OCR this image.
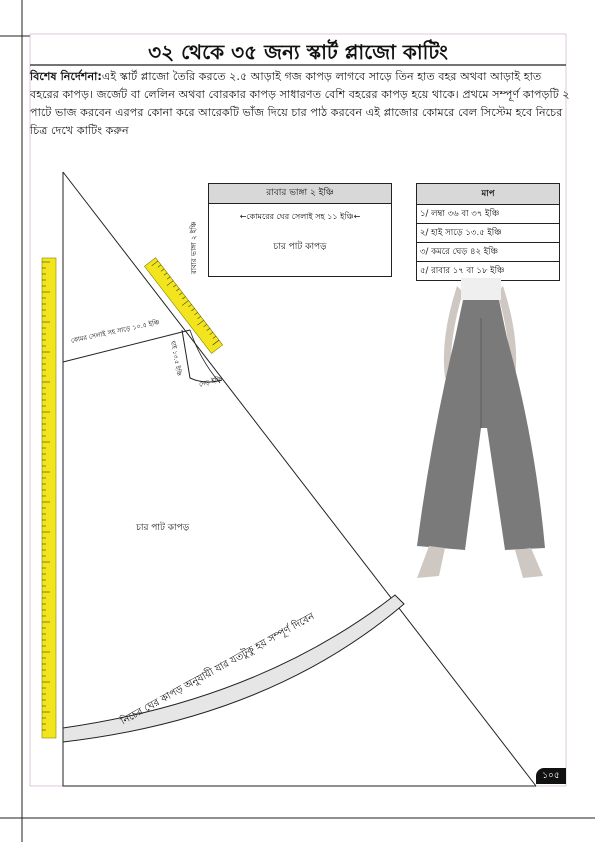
৩২ থেকে ৩৫ জন্য স্কার্ট প্লাজো কাটিং
বিশেষ নির্দেশনা:এই স্কার্ট প্লাজো তৈরি করতে ২.৫ আড়াই গজ কাপড় লাগবে সাড়ে তিন হাত বহর অথবা আড়াই হাত বহরের কাপড়। জর্জেট বা লেলিন অথবা বোরকার কাপড় সাধারণত বেশি বহরের কাপড় হয়ে থাকে। প্রথমে সম্পূর্ণ কাপড়টি ২ পাটে ভাজ করবেন এরপর কোনা করে আরেকটি ভাঁজ দিয়ে চার পাঠ করবেন এই প্লাজোর কোমরে বেল সিস্টেম হবে নিচের চিত্র দেখে কাটিং করুন
কোমর সেলাই সহ সাড়ে ১০.৫ ইঞ্চি
হাই ১৩.৫ ইঞ্চি
দেড় ইঞ্চি
চার পাট কাপড়
নিচের ঘের কাপড় অনুযায়ী যার যতটুকু হয় সম্পূর্ণ দিবেন
রাবার ভাঙ্গা ২ ইঞ্চি
←কোমরের ঘের সেলাই সহ ১১ ইঞ্চি←
চার পাট কাপড়
রাবার ভাঙ্গা ২ ইঞ্চি
মাপ
১/ লম্বা ৩৬ বা ৩৭ ইঞ্চি
২/ হাই সাড়ে ১৩.৫ ইঞ্চি
৩/ কমরে ঘেড় ৪২ ইঞ্চি
৫/ রাবার ১৭ বা ১৮ ইঞ্চি
১০৫
